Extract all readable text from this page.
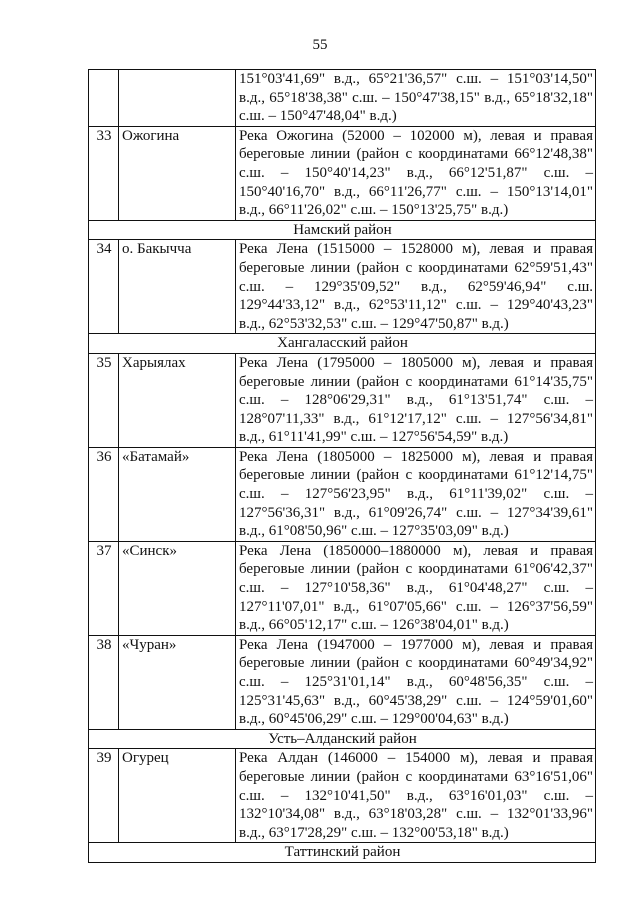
55

		151°03'41,69" в.д., 65°21'36,57" с.ш. – 151°03'14,50"
в.д., 65°18'38,38" с.ш. – 150°47'38,15" в.д., 65°18'32,18"
с.ш. – 150°47'48,04" в.д.)

33	Ожогина	Река Ожогина (52000 – 102000 м), левая и правая
береговые линии (район с координатами 66°12'48,38"
с.ш. – 150°40'14,23" в.д., 66°12'51,87" с.ш. –
150°40'16,70" в.д., 66°11'26,77" с.ш. – 150°13'14,01"
в.д., 66°11'26,02" с.ш. – 150°13'25,75" в.д.)

Намский район		
34	о. Бакычча	Река Лена (1515000 – 1528000 м), левая и правая
береговые линии (район с координатами 62°59'51,43"
с.ш. – 129°35'09,52" в.д., 62°59'46,94" с.ш.
129°44'33,12" в.д., 62°53'11,12" с.ш. – 129°40'43,23"
в.д., 62°53'32,53" с.ш. – 129°47'50,87" в.д.)

Хангаласский район		
35	Харыялах	Река Лена (1795000 – 1805000 м), левая и правая
береговые линии (район с координатами 61°14'35,75"
с.ш. – 128°06'29,31" в.д., 61°13'51,74" с.ш. –
128°07'11,33" в.д., 61°12'17,12" с.ш. – 127°56'34,81"
в.д., 61°11'41,99" с.ш. – 127°56'54,59" в.д.)

36	«Батамай»	Река Лена (1805000 – 1825000 м), левая и правая
береговые линии (район с координатами 61°12'14,75"
с.ш. – 127°56'23,95" в.д., 61°11'39,02" с.ш. –
127°56'36,31" в.д., 61°09'26,74" с.ш. – 127°34'39,61"
в.д., 61°08'50,96" с.ш. – 127°35'03,09" в.д.)

37	«Синск»	Река Лена (1850000–1880000 м), левая и правая
береговые линии (район с координатами 61°06'42,37"
с.ш. – 127°10'58,36" в.д., 61°04'48,27" с.ш. –
127°11'07,01" в.д., 61°07'05,66" с.ш. – 126°37'56,59"
в.д., 66°05'12,17" с.ш. – 126°38'04,01" в.д.)

38	«Чуран»	Река Лена (1947000 – 1977000 м), левая и правая
береговые линии (район с координатами 60°49'34,92"
с.ш. – 125°31'01,14" в.д., 60°48'56,35" с.ш. –
125°31'45,63" в.д., 60°45'38,29" с.ш. – 124°59'01,60"
в.д., 60°45'06,29" с.ш. – 129°00'04,63" в.д.)

Усть–Алданский район		
39	Огурец	Река Алдан (146000 – 154000 м), левая и правая
береговые линии (район с координатами 63°16'51,06"
с.ш. – 132°10'41,50" в.д., 63°16'01,03" с.ш. –
132°10'34,08" в.д., 63°18'03,28" с.ш. – 132°01'33,96"
в.д., 63°17'28,29" с.ш. – 132°00'53,18" в.д.)

Таттинский район		
